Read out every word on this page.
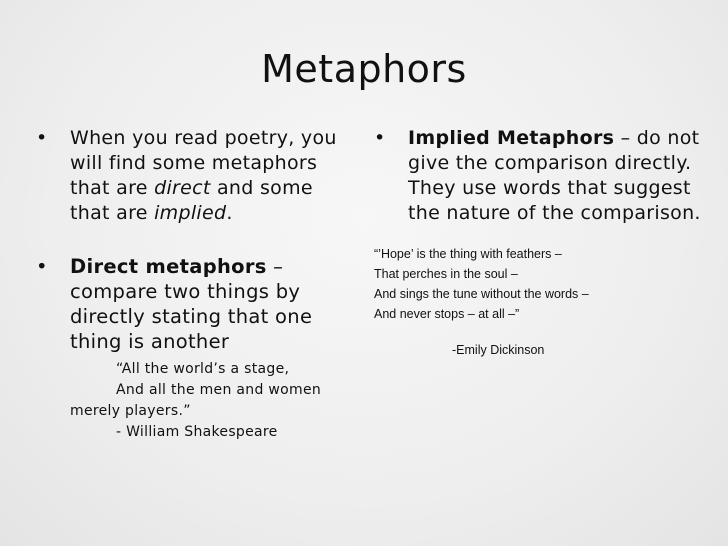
Metaphors
•	When you read poetry, you will find some metaphors that are direct and some that are implied.
•	Direct metaphors – compare two things by directly stating that one thing is another
“All the world’s a stage,
And all the men and women
merely players.”
- William Shakespeare
•	Implied Metaphors – do not give the comparison directly. They use words that suggest the nature of the comparison.
“’Hope’ is the thing with feathers –
That perches in the soul –
And sings the tune without the words –
And never stops – at all –”
-Emily Dickinson
